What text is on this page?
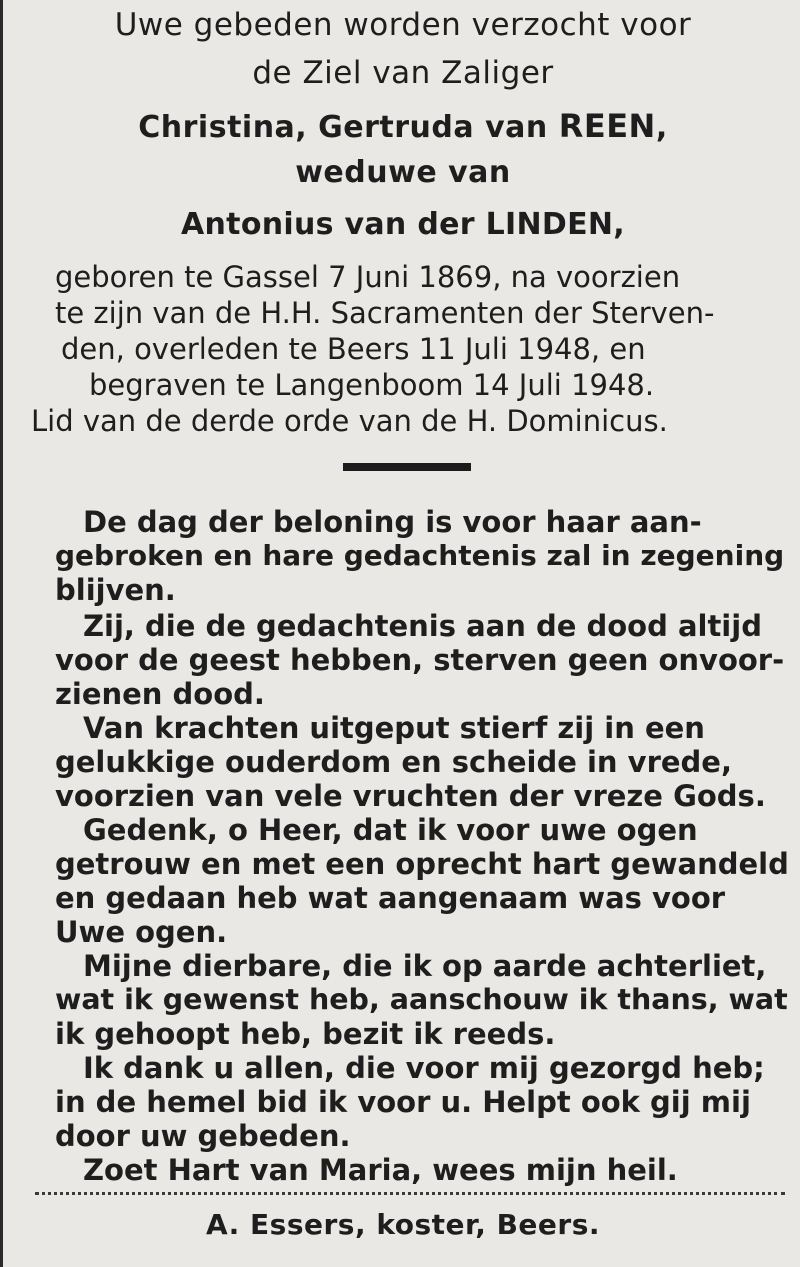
Uwe gebeden worden verzocht voor

de Ziel van Zaliger

Christina, Gertruda van REEN,

weduwe van

Antonius van der LINDEN,

geboren te Gassel 7 Juni 1869, na voorzien

te zijn van de H.H. Sacramenten der Sterven-

den, overleden te Beers 11 Juli 1948, en

begraven te Langenboom 14 Juli 1948.

Lid van de derde orde van de H. Dominicus.

De dag der beloning is voor haar aan-

gebroken en hare gedachtenis zal in zegening

blijven.

Zij, die de gedachtenis aan de dood altijd

voor de geest hebben, sterven geen onvoor-

zienen dood.

Van krachten uitgeput stierf zij in een

gelukkige ouderdom en scheide in vrede,

voorzien van vele vruchten der vreze Gods.

Gedenk, o Heer, dat ik voor uwe ogen

getrouw en met een oprecht hart gewandeld

en gedaan heb wat aangenaam was voor

Uwe ogen.

Mijne dierbare, die ik op aarde achterliet,

wat ik gewenst heb, aanschouw ik thans, wat

ik gehoopt heb, bezit ik reeds.

Ik dank u allen, die voor mij gezorgd heb;

in de hemel bid ik voor u. Helpt ook gij mij

door uw gebeden.

Zoet Hart van Maria, wees mijn heil.

A. Essers, koster, Beers.
